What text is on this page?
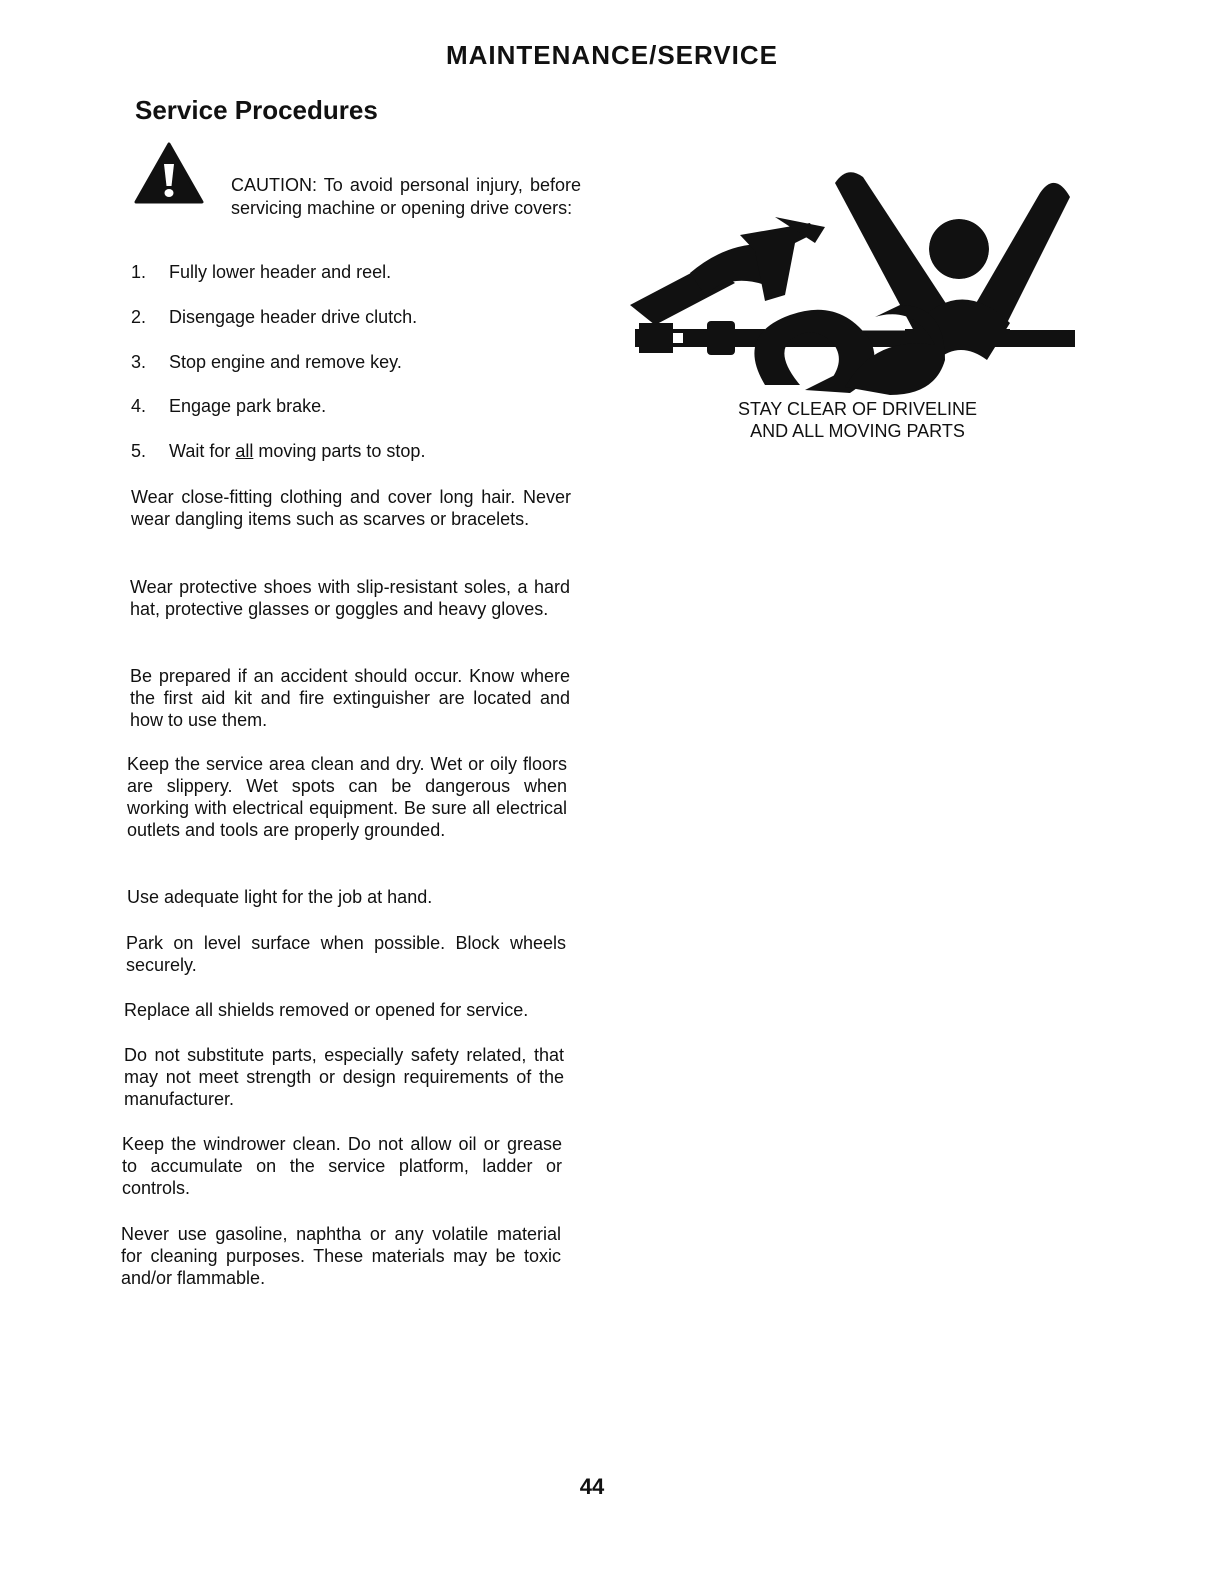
MAINTENANCE/SERVICE
Service Procedures
CAUTION: To avoid personal injury, before servicing machine or opening drive covers:
1. Fully lower header and reel.
2. Disengage header drive clutch.
3. Stop engine and remove key.
4. Engage park brake.
5. Wait for all moving parts to stop.

Wear close-fitting clothing and cover long hair. Never wear dangling items such as scarves or bracelets.

Wear protective shoes with slip-resistant soles, a hard hat, protective glasses or goggles and heavy gloves.

Be prepared if an accident should occur. Know where the first aid kit and fire extinguisher are located and how to use them.

Keep the service area clean and dry. Wet or oily floors are slippery. Wet spots can be dangerous when working with electrical equipment. Be sure all electrical outlets and tools are properly grounded.

Use adequate light for the job at hand.

Park on level surface when possible. Block wheels securely.

Replace all shields removed or opened for service.

Do not substitute parts, especially safety related, that may not meet strength or design requirements of the manufacturer.

Keep the windrower clean. Do not allow oil or grease to accumulate on the service platform, ladder or controls.

Never use gasoline, naphtha or any volatile material for cleaning purposes. These materials may be toxic and/or flammable.

STAY CLEAR OF DRIVELINE
AND ALL MOVING PARTS
44
